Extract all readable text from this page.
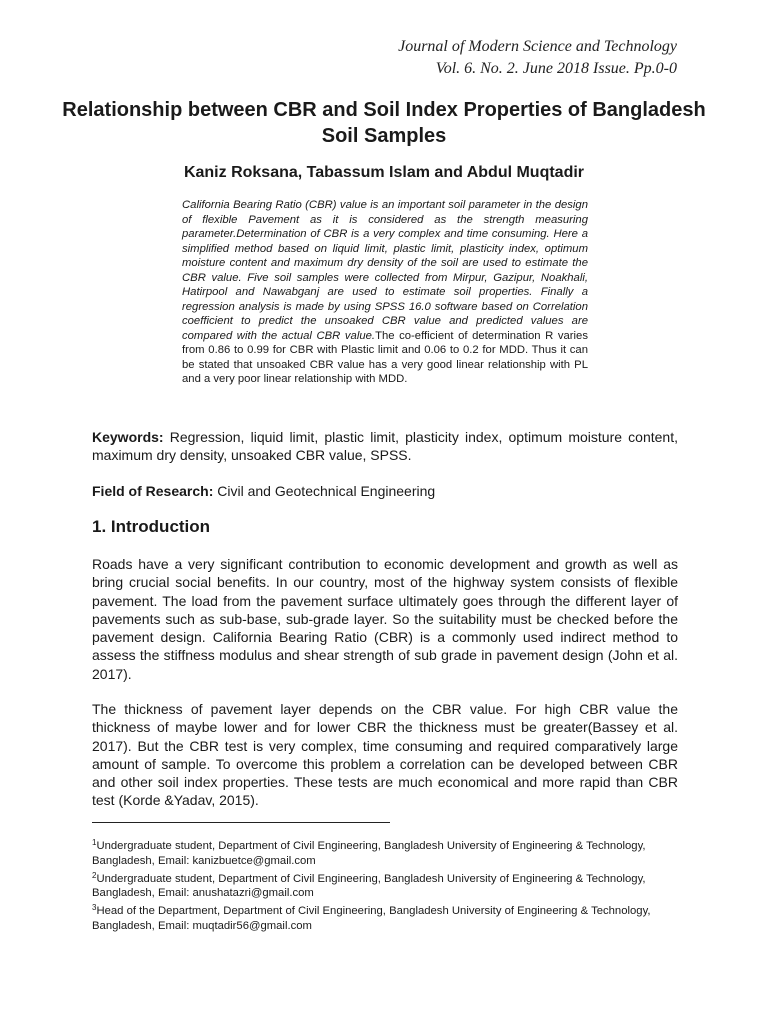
Journal of Modern Science and Technology
Vol. 6. No. 2. June 2018 Issue. Pp.0-0
Relationship between CBR and Soil Index Properties of Bangladesh Soil Samples
Kaniz Roksana, Tabassum Islam and Abdul Muqtadir
California Bearing Ratio (CBR) value is an important soil parameter in the design of flexible Pavement as it is considered as the strength measuring parameter.Determination of CBR is a very complex and time consuming. Here a simplified method based on liquid limit, plastic limit, plasticity index, optimum moisture content and maximum dry density of the soil are used to estimate the CBR value. Five soil samples were collected from Mirpur, Gazipur, Noakhali, Hatirpool and Nawabganj are used to estimate soil properties. Finally a regression analysis is made by using SPSS 16.0 software based on Correlation coefficient to predict the unsoaked CBR value and predicted values are compared with the actual CBR value.The co-efficient of determination R varies from 0.86 to 0.99 for CBR with Plastic limit and 0.06 to 0.2 for MDD. Thus it can be stated that unsoaked CBR value has a very good linear relationship with PL and a very poor linear relationship with MDD.
Keywords: Regression, liquid limit, plastic limit, plasticity index, optimum moisture content, maximum dry density, unsoaked CBR value, SPSS.
Field of Research: Civil and Geotechnical Engineering
1. Introduction

Roads have a very significant contribution to economic development and growth as well as bring crucial social benefits. In our country, most of the highway system consists of flexible pavement. The load from the pavement surface ultimately goes through the different layer of pavements such as sub-base, sub-grade layer. So the suitability must be checked before the pavement design. California Bearing Ratio (CBR) is a commonly used indirect method to assess the stiffness modulus and shear strength of sub grade in pavement design (John et al. 2017).

The thickness of pavement layer depends on the CBR value. For high CBR value the thickness of maybe lower and for lower CBR the thickness must be greater(Bassey et al. 2017). But the CBR test is very complex, time consuming and required comparatively large amount of sample. To overcome this problem a correlation can be developed between CBR and other soil index properties. These tests are much economical and more rapid than CBR test (Korde &Yadav, 2015).

$^1$Undergraduate student, Department of Civil Engineering, Bangladesh University of Engineering & Technology, Bangladesh, Email: kanizbuetce@gmail.com
$^2$Undergraduate student, Department of Civil Engineering, Bangladesh University of Engineering & Technology, Bangladesh, Email: anushatazri@gmail.com
$^3$Head of the Department, Department of Civil Engineering, Bangladesh University of Engineering & Technology, Bangladesh, Email: muqtadir56@gmail.com
